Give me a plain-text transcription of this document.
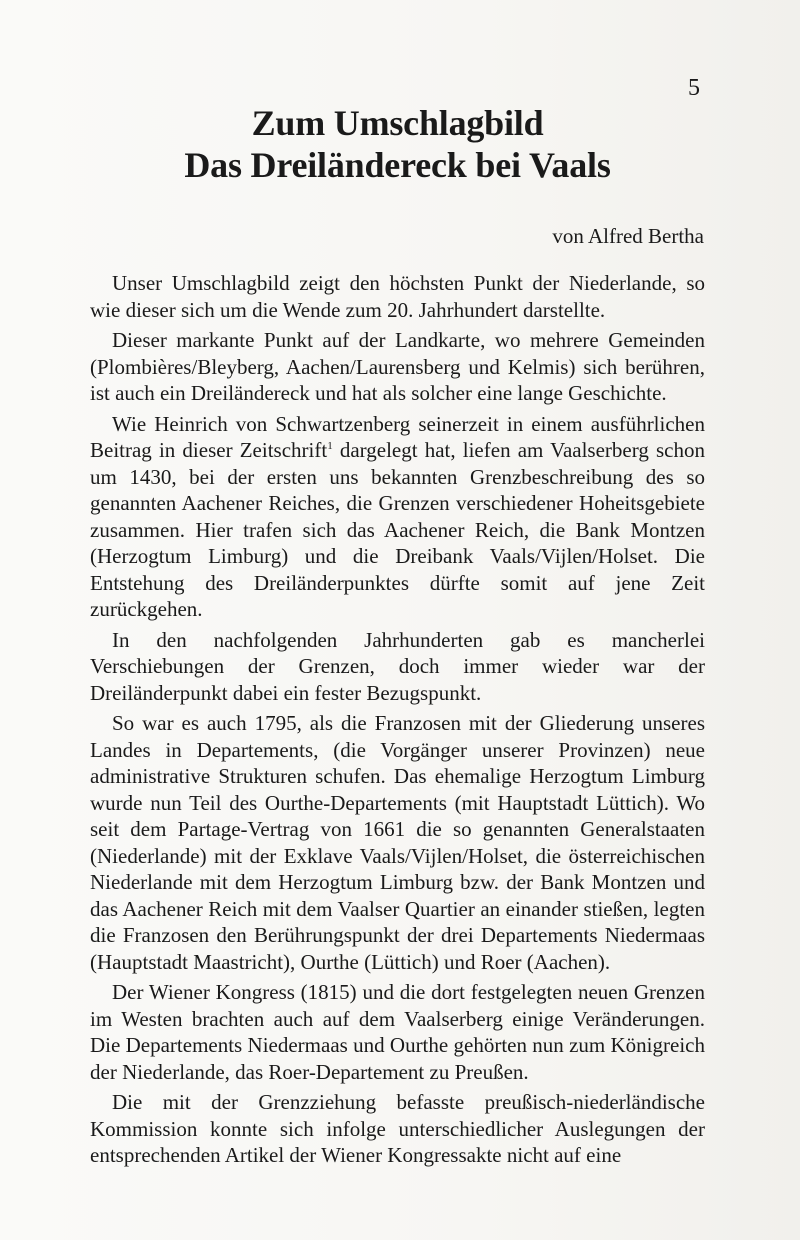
5
Zum Umschlagbild
Das Dreiländereck bei Vaals
von Alfred Bertha

Unser Umschlagbild zeigt den höchsten Punkt der Niederlande, so wie dieser sich um die Wende zum 20. Jahrhundert darstellte.

Dieser markante Punkt auf der Landkarte, wo mehrere Gemeinden (Plombières/Bleyberg, Aachen/Laurensberg und Kelmis) sich berühren, ist auch ein Dreiländereck und hat als solcher eine lange Geschichte.

Wie Heinrich von Schwartzenberg seinerzeit in einem ausführlichen Beitrag in dieser Zeitschrift$^1$ dargelegt hat, liefen am Vaalserberg schon um 1430, bei der ersten uns bekannten Grenzbeschreibung des so genannten Aachener Reiches, die Grenzen verschiedener Hoheitsgebiete zusammen. Hier trafen sich das Aachener Reich, die Bank Montzen (Herzogtum Limburg) und die Dreibank Vaals/Vijlen/Holset. Die Entstehung des Dreiländerpunktes dürfte somit auf jene Zeit zurückgehen.

In den nachfolgenden Jahrhunderten gab es mancherlei Verschiebungen der Grenzen, doch immer wieder war der Dreiländerpunkt dabei ein fester Bezugspunkt.

So war es auch 1795, als die Franzosen mit der Gliederung unseres Landes in Departements, (die Vorgänger unserer Provinzen) neue administrative Strukturen schufen. Das ehemalige Herzogtum Limburg wurde nun Teil des Ourthe-Departements (mit Hauptstadt Lüttich). Wo seit dem Partage-Vertrag von 1661 die so genannten Generalstaaten (Niederlande) mit der Exklave Vaals/Vijlen/Holset, die österreichischen Niederlande mit dem Herzogtum Limburg bzw. der Bank Montzen und das Aachener Reich mit dem Vaalser Quartier an einander stießen, legten die Franzosen den Berührungspunkt der drei Departements Niedermaas (Hauptstadt Maastricht), Ourthe (Lüttich) und Roer (Aachen).

Der Wiener Kongress (1815) und die dort festgelegten neuen Grenzen im Westen brachten auch auf dem Vaalserberg einige Veränderungen. Die Departements Niedermaas und Ourthe gehörten nun zum Königreich der Niederlande, das Roer-Departement zu Preußen.

Die mit der Grenzziehung befasste preußisch-niederländische Kommission konnte sich infolge unterschiedlicher Auslegungen der entsprechenden Artikel der Wiener Kongressakte nicht auf eine
